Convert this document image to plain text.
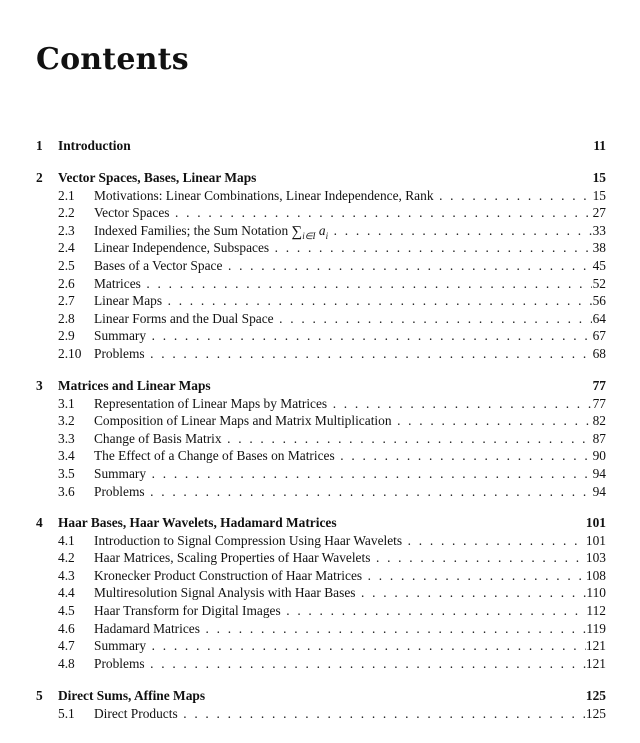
Contents
1 Introduction	11
2 Vector Spaces, Bases, Linear Maps	15
2.1 Motivations: Linear Combinations, Linear Independence, Rank . . .	15
2.2 Vector Spaces . . .	27
2.3 Indexed Families; the Sum Notation $\sum_{i\in I}$ $a_i$ . . .	33
2.4 Linear Independence, Subspaces . . .	38
2.5 Bases of a Vector Space . . .	45
2.6 Matrices . . .	52
2.7 Linear Maps . . .	56
2.8 Linear Forms and the Dual Space . . .	64
2.9 Summary . . .	67
2.10 Problems . . .	68
3 Matrices and Linear Maps	77
3.1 Representation of Linear Maps by Matrices . . .	77
3.2 Composition of Linear Maps and Matrix Multiplication . . .	82
3.3 Change of Basis Matrix . . .	87
3.4 The Effect of a Change of Bases on Matrices . . .	90
3.5 Summary . . .	94
3.6 Problems . . .	94
4 Haar Bases, Haar Wavelets, Hadamard Matrices	101
4.1 Introduction to Signal Compression Using Haar Wavelets . . .	101
4.2 Haar Matrices, Scaling Properties of Haar Wavelets . . .	103
4.3 Kronecker Product Construction of Haar Matrices . . .	108
4.4 Multiresolution Signal Analysis with Haar Bases . . .	110
4.5 Haar Transform for Digital Images . . .	112
4.6 Hadamard Matrices . . .	119
4.7 Summary . . .	121
4.8 Problems . . .	121
5 Direct Sums, Affine Maps	125
5.1 Direct Products . . .	125
